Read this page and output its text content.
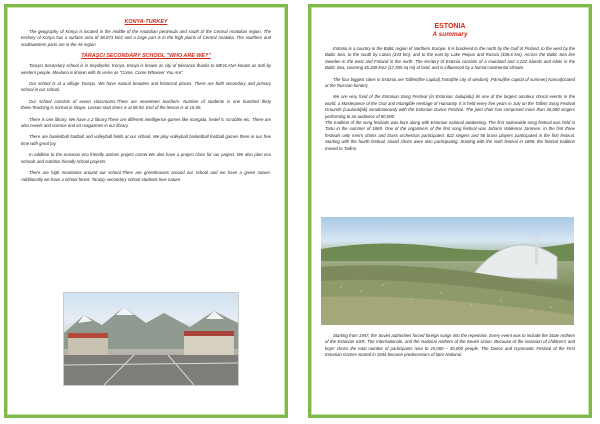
KONYA-TURKEY

The geography of Konya is located in the middle of the Anatolian peninsula and south of the Central Anatolian region. The territory of Konya has a surface area of 38.873 km2 and a large part is in the high plains of Central Anatolia. The southern and southwestern parts are in the Ak region

TARAŞCI SECONDARY SCHOOL "WHO ARE WE?"

Taraşcı Secondary school is in Seydişehir, Konya. Konya is known as city of tolerance thanks to MEVLANA known as Sufi by western people. Mevlana is known with its verse as "Come, Come Whoever You Are".

Our school is at a village Taraşçı. We have natural beauties and historical places. There are both secondary and primary school in our school.

Our school consists of seven classrooms.There are seventeen teachers. Number of students is one hundred thirty three.Teaching is normal in shape. Lesson start times is at 08.50. End of the lesson is at 15.50.

There is one library. We have a 2 library.There are different intelligence games like mangala, hedef 5, scrabble etc. There are also novels and science and art magazines in our library.

There are basketball football and volleyball fields at our school. We play volleyball basketball football games there in our free time with great joy.

In addition to the erasmus eco friendly actions project corner.We also have a project class for our project. We also plan eco schools and nutrition friendly school projects.

There are high mountains around our school.There are greenhouses around our school and we have a green nature. Additionally we have a school forest. Taraşçı secondary school students love nature.

ESTONIA
A summary

Estonia is a country in the Baltic region of Northern Europe. It is bordered to the north by the Gulf of Finland, to the west by the Baltic Sea, to the south by Latvia (343 km), and to the east by Lake Peipus and Russia (338.6 km). Across the Baltic Sea lies Sweden in the west and Finland in the north. The territory of Estonia consists of a mainland and 2,222 islands and islets in the Baltic Sea, covering 45,339 km2 (17,505 sq mi) of land, and is influenced by a humid continental climate.

The four biggest cities in Estonia are Tallinn(the capital),Tartu(the city of wisdom) ,Pärnu(the capital of summer),Narva(located at the Russian border).

We are very fond of the Estonian Song Festival (in Estonian: laulupidu) its one of the largest amateur choral events in the world, a Masterpiece of the Oral and Intangible Heritage of Humanity. It is held every five years in July on the Tallinn Song Festival Grounds (Lauluväljak) simultaneously with the Estonian Dance Festival. The joint choir has comprised more than 30,000 singers performing to an audience of 80,000.

The tradition of the song festivals was born along with Estonian national awakening. The first nationwide song festival was held in Tartu in the summer of 1869. One of the organisers of the first song festival was Johann Voldemar Jannsen. In the first three festivals only men's choirs and brass orchestras participated. 822 singers and 56 brass players participated in the first festival. Starting with the fourth festival, mixed choirs were also participating. Starting with the sixth festival in 1896, the festival tradition moved to Tallinn.

Starting from 1947, the Soviet authorities forced foreign songs into the repertoire. Every event was to include the State Anthem of the Estonian SSR, The Internationale, and the National Anthem of the Soviet Union. Because of the inclusion of children's and boys' choirs the total number of participants rose to 25,000 – 30,000 people. The Dance and Gymnastic Festival of the First Estonian Games started in 1934 became predecessors of later National
